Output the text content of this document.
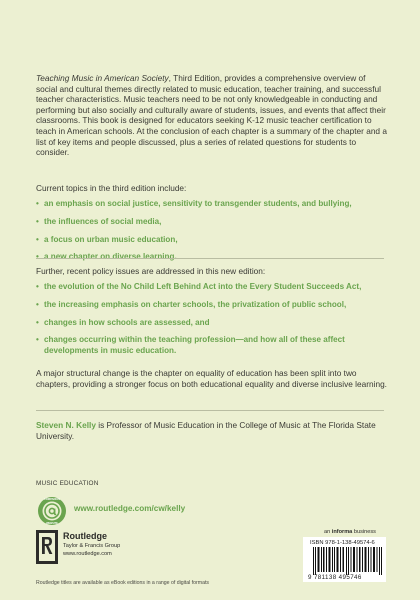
Teaching Music in American Society, Third Edition, provides a comprehensive overview of social and cultural themes directly related to music education, teacher training, and successful teacher characteristics. Music teachers need to be not only knowledgeable in conducting and performing but also socially and culturally aware of students, issues, and events that affect their classrooms. This book is designed for educators seeking K-12 music teacher certification to teach in American schools. At the conclusion of each chapter is a summary of the chapter and a list of key items and people discussed, plus a series of related questions for students to consider.

Current topics in the third edition include:

• an emphasis on social justice, sensitivity to transgender students, and bullying,
• the influences of social media,
• a focus on urban music education,
• a new chapter on diverse learning.

Further, recent policy issues are addressed in this new edition:

• the evolution of the No Child Left Behind Act into the Every Student Succeeds Act,
• the increasing emphasis on charter schools, the privatization of public school,
• changes in how schools are assessed, and
• changes occurring within the teaching profession—and how all of these affect developments in music education.

A major structural change is the chapter on equality of education has been split into two chapters, providing a stronger focus on both educational equality and diverse inclusive learning.

Steven N. Kelly is Professor of Music Education in the College of Music at The Florida State University.

MUSIC EDUCATION
COMPANION
WEBSITE
www.routledge.com/cw/kelly
Routledge
Taylor & Francis Group
www.routledge.com
an informa business
ISBN 978-1-138-49574-6
9 781138 495746
Routledge titles are available as eBook editions in a range of digital formats
